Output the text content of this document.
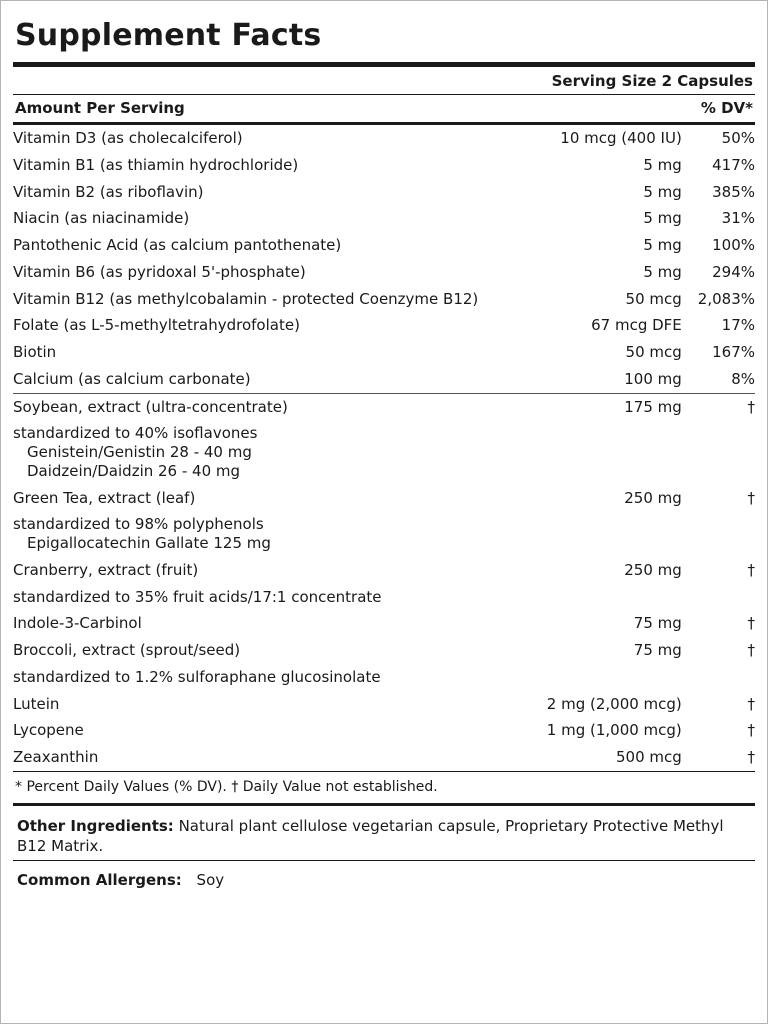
Supplement Facts
Serving Size 2 Capsules
Amount Per Serving	% DV*
Vitamin D3 (as cholecalciferol)	10 mcg (400 IU)	50%
Vitamin B1 (as thiamin hydrochloride)	5 mg	417%
Vitamin B2 (as riboflavin)	5 mg	385%
Niacin (as niacinamide)	5 mg	31%
Pantothenic Acid (as calcium pantothenate)	5 mg	100%
Vitamin B6 (as pyridoxal 5'-phosphate)	5 mg	294%
Vitamin B12 (as methylcobalamin - protected Coenzyme B12)	50 mcg	2,083%
Folate (as L-5-methyltetrahydrofolate)	67 mcg DFE	17%
Biotin	50 mcg	167%
Calcium (as calcium carbonate)	100 mg	8%
Soybean, extract (ultra-concentrate)	175 mg	†
standardized to 40% isoflavones
Genistein/Genistin 28 - 40 mg
Daidzein/Daidzin 26 - 40 mg		

Green Tea, extract (leaf)	250 mg	†
standardized to 98% polyphenols
Epigallocatechin Gallate 125 mg		

Cranberry, extract (fruit)	250 mg	†
standardized to 35% fruit acids/17:1 concentrate		
Indole-3-Carbinol	75 mg	†
Broccoli, extract (sprout/seed)	75 mg	†
standardized to 1.2% sulforaphane glucosinolate		
Lutein	2 mg (2,000 mcg)	†
Lycopene	1 mg (1,000 mcg)	†
Zeaxanthin	500 mcg	†
* Percent Daily Values (% DV). † Daily Value not established.
Other Ingredients: Natural plant cellulose vegetarian capsule, Proprietary Protective Methyl B12 Matrix.
Common Allergens: Soy
